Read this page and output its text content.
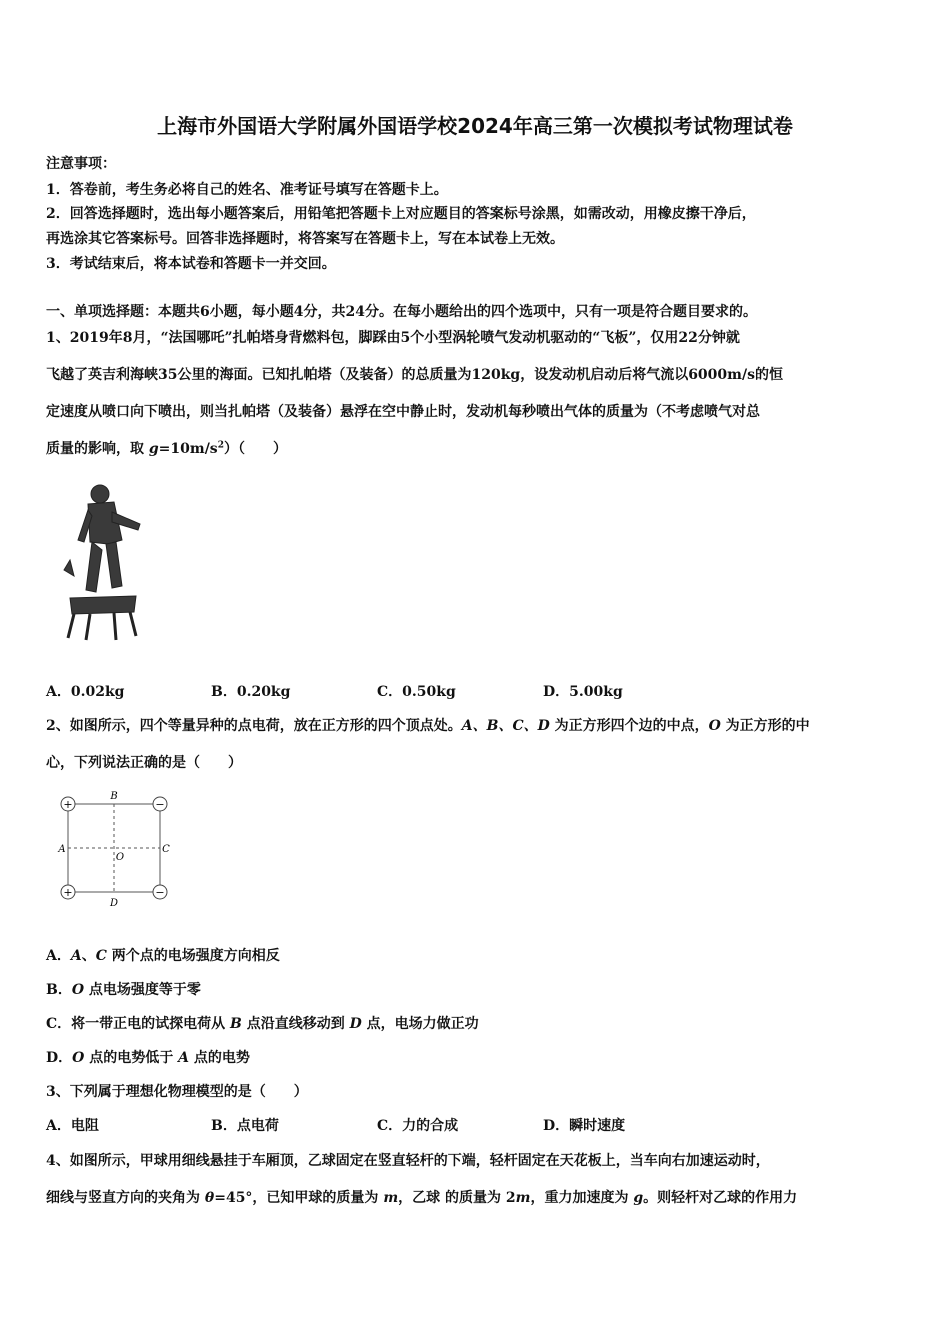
上海市外国语大学附属外国语学校2024年高三第一次模拟考试物理试卷
注意事项：
1．答卷前，考生务必将自己的姓名、准考证号填写在答题卡上。
2．回答选择题时，选出每小题答案后，用铅笔把答题卡上对应题目的答案标号涂黑，如需改动，用橡皮擦干净后，
再选涂其它答案标号。回答非选择题时，将答案写在答题卡上，写在本试卷上无效。
3．考试结束后，将本试卷和答题卡一并交回。
一、单项选择题：本题共6小题，每小题4分，共24分。在每小题给出的四个选项中，只有一项是符合题目要求的。
1、2019年8月，“法国哪吒”扎帕塔身背燃料包，脚踩由5个小型涡轮喷气发动机驱动的“飞板”，仅用22分钟就
飞越了英吉利海峡35公里的海面。已知扎帕塔（及装备）的总质量为120kg，设发动机启动后将气流以6000m/s的恒
定速度从喷口向下喷出，则当扎帕塔（及装备）悬浮在空中静止时，发动机每秒喷出气体的质量为（不考虑喷气对总
质量的影响，取 $g=10m/s^2$）（　　）
A．0.02kg	B．0.20kg	C．0.50kg	D．5.00kg
2、如图所示，四个等量异种的点电荷，放在正方形的四个顶点处。A、B、C、D 为正方形四个边的中点，O 为正方形的中
心，下列说法正确的是（　　）
+	−
+	−
B
A	C
O
D
A．A、C 两个点的电场强度方向相反
B．O 点电场强度等于零
C．将一带正电的试探电荷从 B 点沿直线移动到 D 点，电场力做正功
D．O 点的电势低于 A 点的电势
3、下列属于理想化物理模型的是（　　）
A．电阻	B．点电荷	C．力的合成	D．瞬时速度
4、如图所示，甲球用细线悬挂于车厢顶，乙球固定在竖直轻杆的下端，轻杆固定在天花板上，当车向右加速运动时，
细线与竖直方向的夹角为 θ=45°，已知甲球的质量为 m，乙球 的质量为 2m，重力加速度为 g。则轻杆对乙球的作用力
